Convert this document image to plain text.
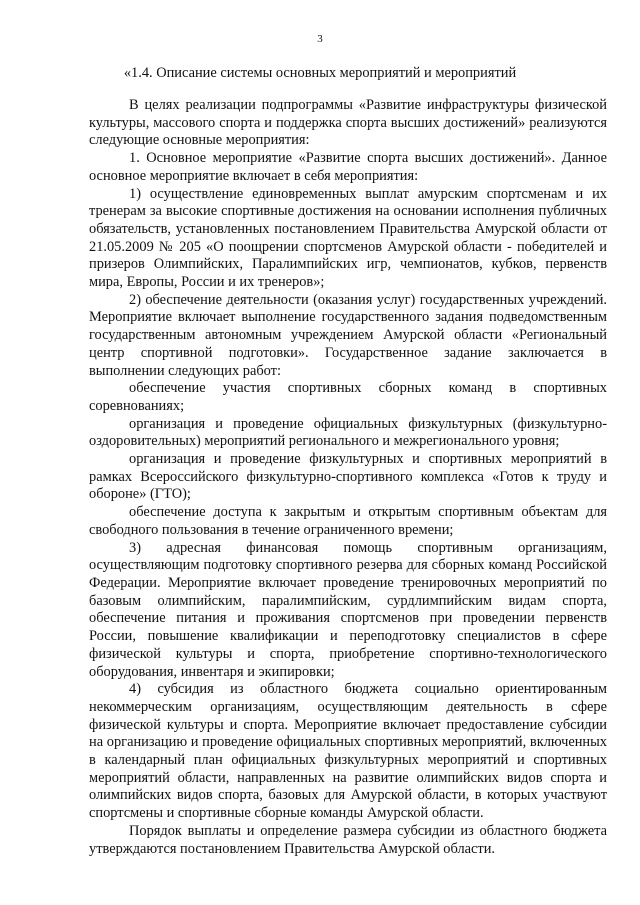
3
«1.4. Описание системы основных мероприятий и мероприятий

В целях реализации подпрограммы «Развитие инфраструктуры физической культуры, массового спорта и поддержка спорта высших достижений» реализуются следующие основные мероприятия:

1. Основное мероприятие «Развитие спорта высших достижений». Данное основное мероприятие включает в себя мероприятия:

1) осуществление единовременных выплат амурским спортсменам и их тренерам за высокие спортивные достижения на основании исполнения публичных обязательств, установленных постановлением Правительства Амурской области от 21.05.2009 № 205 «О поощрении спортсменов Амурской области - победителей и призеров Олимпийских, Паралимпийских игр, чемпионатов, кубков, первенств мира, Европы, России и их тренеров»;

2) обеспечение деятельности (оказания услуг) государственных учреждений. Мероприятие включает выполнение государственного задания подведомственным государственным автономным учреждением Амурской области «Региональный центр спортивной подготовки». Государственное задание заключается в выполнении следующих работ:

обеспечение участия спортивных сборных команд в спортивных соревнованиях;

организация и проведение официальных физкультурных (физкультурно-оздоровительных) мероприятий регионального и межрегионального уровня;

организация и проведение физкультурных и спортивных мероприятий в рамках Всероссийского физкультурно-спортивного комплекса «Готов к труду и обороне» (ГТО);

обеспечение доступа к закрытым и открытым спортивным объектам для свободного пользования в течение ограниченного времени;

3) адресная финансовая помощь спортивным организациям, осуществляющим подготовку спортивного резерва для сборных команд Российской Федерации. Мероприятие включает проведение тренировочных мероприятий по базовым олимпийским, паралимпийским, сурдлимпийским видам спорта, обеспечение питания и проживания спортсменов при проведении первенств России, повышение квалификации и переподготовку специалистов в сфере физической культуры и спорта, приобретение спортивно-технологического оборудования, инвентаря и экипировки;

4) субсидия из областного бюджета социально ориентированным некоммерческим организациям, осуществляющим деятельность в сфере физической культуры и спорта. Мероприятие включает предоставление субсидии на организацию и проведение официальных спортивных мероприятий, включенных в календарный план официальных физкультурных мероприятий и спортивных мероприятий области, направленных на развитие олимпийских видов спорта и олимпийских видов спорта, базовых для Амурской области, в которых участвуют спортсмены и спортивные сборные команды Амурской области.

Порядок выплаты и определение размера субсидии из областного бюджета утверждаются постановлением Правительства Амурской области.
